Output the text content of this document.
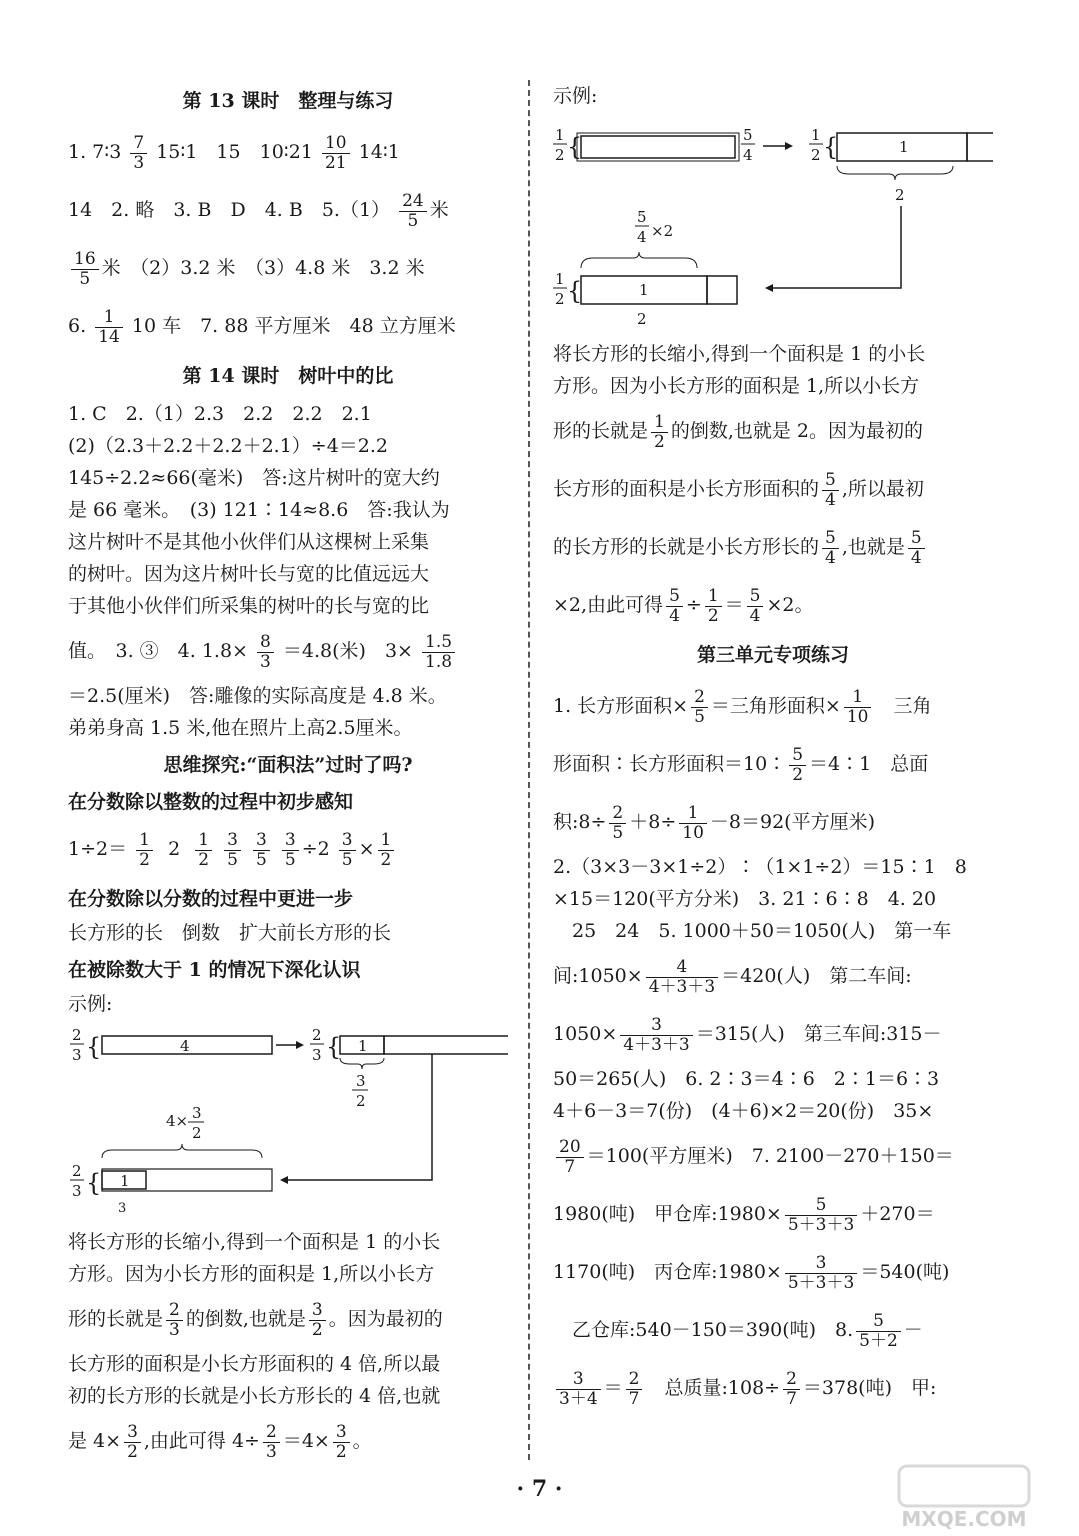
第 13 课时　整理与练习
1. 7∶3 $\frac{7}{3}$ 15∶1　15　10∶21 $\frac{10}{21}$ 14∶1
14　2. 略　3. B　D　4. B　$5.(1) \frac{24}{5}$ 米
$\frac{16}{5}$ 米　（2）3.2 米　（3）4.8 米　3.2 米
6. $\frac{1}{14} 10$ 车　7. 88 平方厘米　48 立方厘米
第 14 课时　树叶中的比
1. C　2.（1）2.3　2.2　2.2　2.1
(2)（2.3＋2.2＋2.2＋2.1）÷4＝2.2
145÷2.2≈66(毫米)　答:这片树叶的宽大约
是 66 毫米。　(3) 121∶14≈8.6　答:我认为
这片树叶不是其他小伙伴们从这棵树上采集
的树叶。因为这片树叶长与宽的比值远远大
于其他小伙伴们所采集的树叶的长与宽的比
值。　3. ③　4. $1.8\times \frac{8}{3} =4.8$(米)　$3\times \frac{1.5}{1.8}$
＝2.5(厘米)　答:雕像的实际高度是 4.8 米。
弟弟身高 1.5 米,他在照片上高2.5厘米。
思维探究:“面积法”过时了吗?
在分数除以整数的过程中初步感知
$1\div 2= \frac{1}{2} 2 \frac{1}{2}$
$\frac{3}{5}$
$\frac{3}{5}$
$\frac{3}{5} \div 2 \frac{3}{5} \times \frac{1}{2}$
在分数除以分数的过程中更进一步
长方形的长　倒数　扩大前长方形的长
在被除数大于 1 的情况下深化认识
示例:
2
3 {	4
2
3 { 1
3
2
4× 3
2
2
3 { 1
3
将长方形的长缩小,得到一个面积是 1 的小长
方形。因为小长方形的面积是 1,所以小长方
形的长就是 $\frac{2}{3}$ 的倒数,也就是 $\frac{3}{2}$ 。因为最初的
长方形的面积是小长方形面积的 4 倍,所以最
初的长方形的长就是小长方形长的 4 倍,也就
是 $4\times \frac{3}{2}$ ,由此可得 $4\div \frac{2}{3} =4\times \frac{3}{2}$ 。
示例:
1
2 {	5
4
1
2 {	1
2
5
4 ×2
1
2 {	1
2
将长方形的长缩小,得到一个面积是 1 的小长
方形。因为小长方形的面积是 1,所以小长方
形的长就是 $\frac{1}{2}$ 的倒数,也就是 2。因为最初的
长方形的面积是小长方形面积的 $\frac{5}{4}$ ,所以最初
的长方形的长就是小长方形长的 $\frac{5}{4}$ ,也就是 $\frac{5}{4}$
×2,由此可得 $\frac{5}{4} \div \frac{1}{2} = \frac{5}{4} \times 2$。
第三单元专项练习
1. 长方形面积× $\frac{2}{5}$ ＝三角形面积× $\frac{1}{10}$ 　三角
形面积∶长方形面积＝10∶ $\frac{5}{2}$ ＝4∶1　总面
积:8÷ $\frac{2}{5} +8\div \frac{1}{10} -8=92$(平方厘米)
2.（3×3－3×1÷2）∶（1×1÷2）＝15∶1　8
×15＝120(平方分米)　3. 21∶6∶8　4. 20
　25　24　5. 1000＋50＝1050(人)　第一车
间:1050× $\frac{4}{4+3+3} =420$(人)　第二车间:
$1050\times \frac{3}{4+3+3} =315$(人)　第三车间:315－
50＝265(人)　6. 2∶3＝4∶6　2∶1＝6∶3
4＋6－3＝7(份)　(4＋6)×2＝20(份)　35×
$\frac{20}{7} =100$(平方厘米)　7. 2100－270＋150＝
1980(吨)　甲仓库:1980× $\frac{5}{5+3+3} +270=$
1170(吨)　丙仓库:1980× $\frac{3}{5+3+3} =540$(吨)
　乙仓库:540－150＝390(吨)　8. $\frac{5}{5+2}$ －
$\frac{3}{3+4} = \frac{2}{7}$ 　总质量:108÷ $\frac{2}{7} =378$(吨)　甲:
· 7 ·
MXQE.COM
